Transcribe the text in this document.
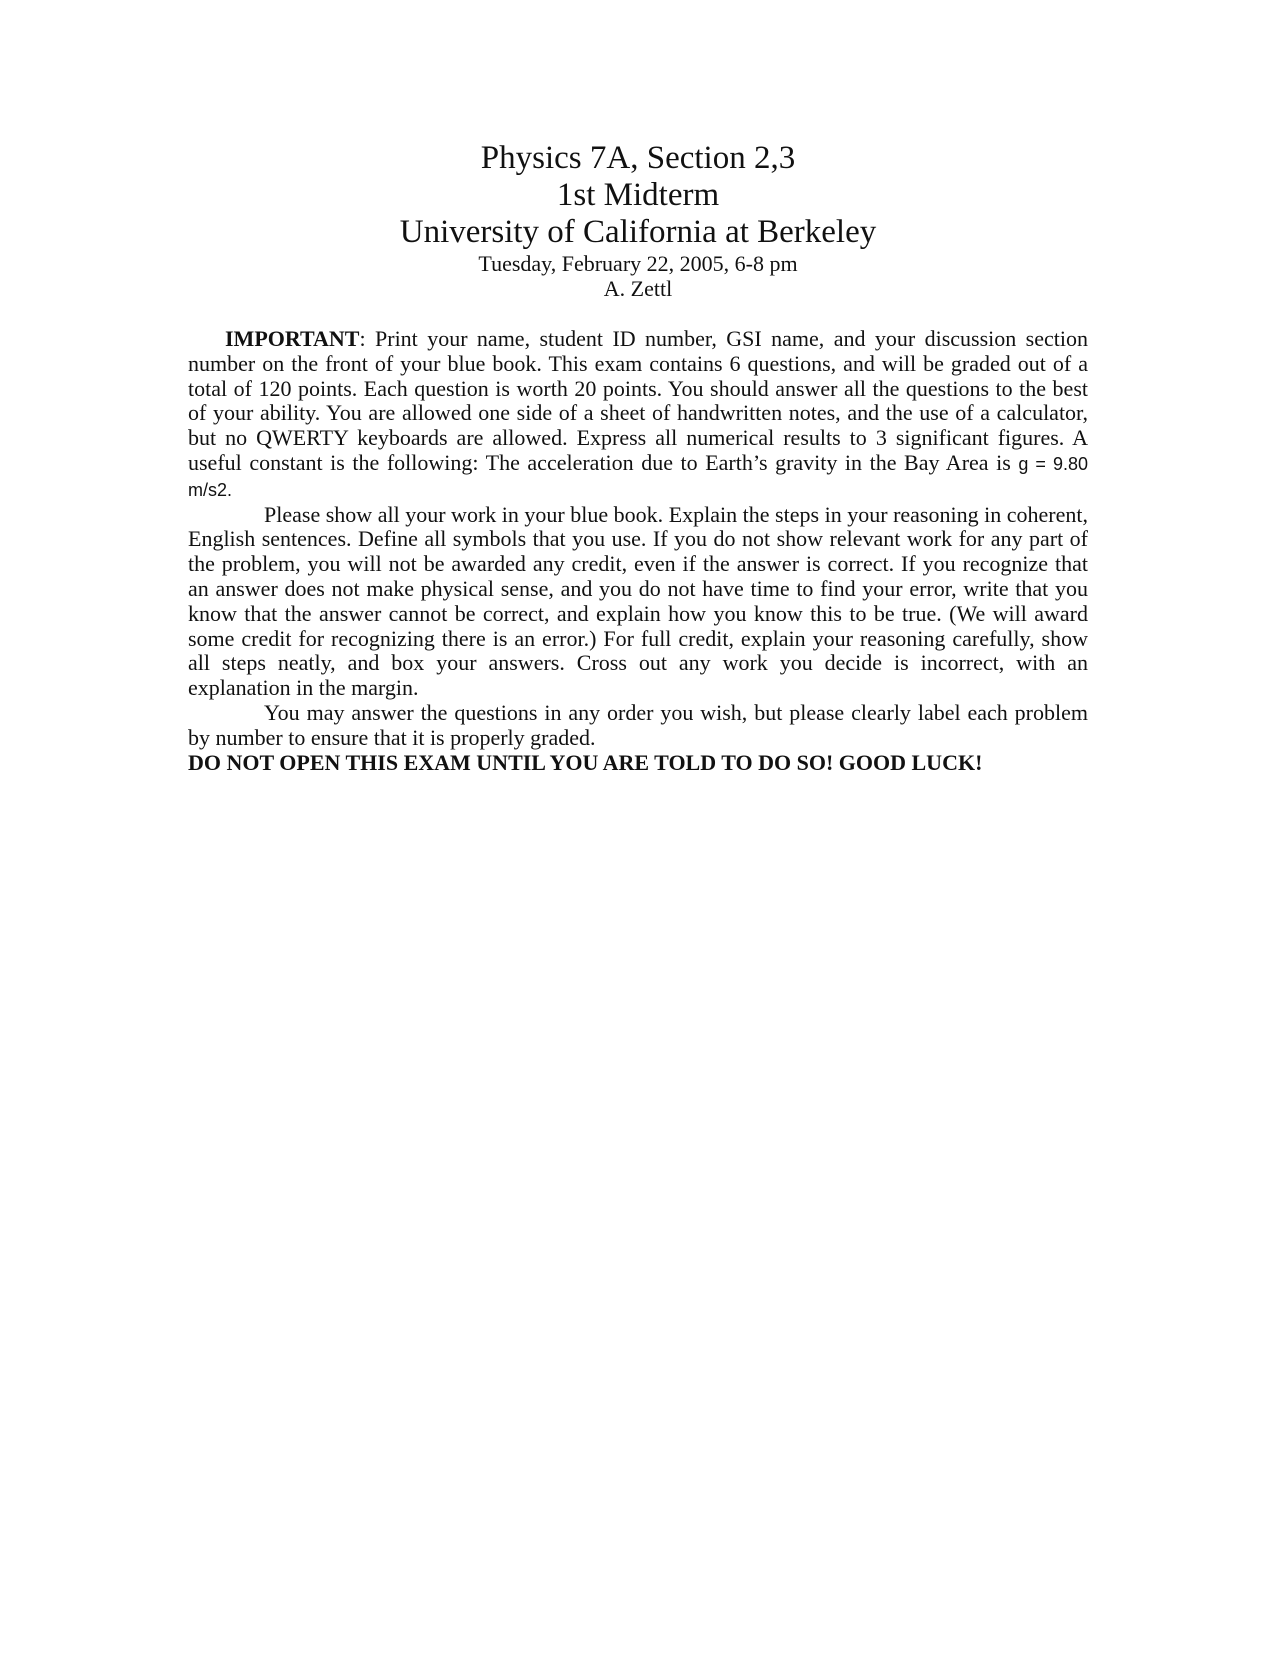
Physics 7A, Section 2,3
1st Midterm
University of California at Berkeley
Tuesday, February 22, 2005, 6-8 pm
A. Zettl

IMPORTANT: Print your name, student ID number, GSI name, and your discussion section number on the front of your blue book. This exam contains 6 questions, and will be graded out of a total of 120 points. Each question is worth 20 points. You should answer all the questions to the best of your ability. You are allowed one side of a sheet of handwritten notes, and the use of a calculator, but no QWERTY keyboards are allowed. Express all numerical results to 3 significant figures. A useful constant is the following: The acceleration due to Earth’s gravity in the Bay Area is g = 9.80 m/s2.

Please show all your work in your blue book. Explain the steps in your reasoning in coherent, English sentences. Define all symbols that you use. If you do not show relevant work for any part of the problem, you will not be awarded any credit, even if the answer is correct. If you recognize that an answer does not make physical sense, and you do not have time to find your error, write that you know that the answer cannot be correct, and explain how you know this to be true. (We will award some credit for recognizing there is an error.) For full credit, explain your reasoning carefully, show all steps neatly, and box your answers. Cross out any work you decide is incorrect, with an explanation in the margin.

You may answer the questions in any order you wish, but please clearly label each problem by number to ensure that it is properly graded.

DO NOT OPEN THIS EXAM UNTIL YOU ARE TOLD TO DO SO! GOOD LUCK!
